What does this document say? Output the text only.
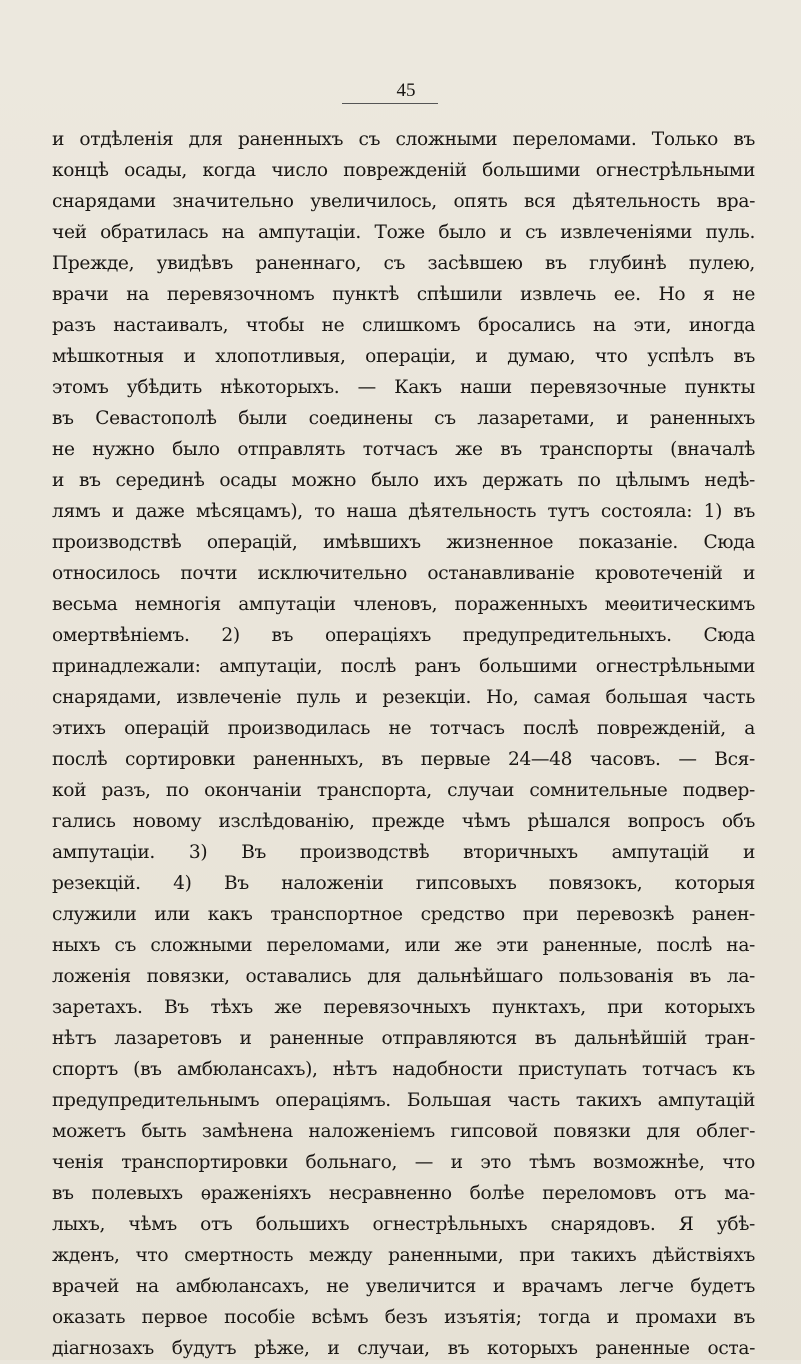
45
и отдѣленія для раненныхъ съ сложными переломами. Только въ
концѣ осады, когда число поврежденій большими огнестрѣльными
снарядами значительно увеличилось, опять вся дѣятельность вра-
чей обратилась на ампутаціи. Тоже было и съ извлеченіями пуль.
Прежде, увидѣвъ раненнаго, съ засѣвшею въ глубинѣ пулею,
врачи на перевязочномъ пунктѣ спѣшили извлечь ее. Но я не
разъ настаивалъ, чтобы не слишкомъ бросались на эти, иногда
мѣшкотныя и хлопотливыя, операціи, и думаю, что успѣлъ въ
этомъ убѣдить нѣкоторыхъ. — Какъ наши перевязочные пункты
въ Севастополѣ были соединены съ лазаретами, и раненныхъ
не нужно было отправлять тотчасъ же въ транспорты (вначалѣ
и въ серединѣ осады можно было ихъ держать по цѣлымъ недѣ-
лямъ и даже мѣсяцамъ), то наша дѣятельность тутъ состояла: 1) въ
производствѣ операцій, имѣвшихъ жизненное показаніе. Сюда
относилось почти исключительно останавливаніе кровотеченій и
весьма немногія ампутаціи членовъ, пораженныхъ меѳитическимъ
омертвѣніемъ. 2) въ операціяхъ предупредительныхъ. Сюда
принадлежали: ампутаціи, послѣ ранъ большими огнестрѣльными
снарядами, извлеченіе пуль и резекціи. Но, самая большая часть
этихъ операцій производилась не тотчасъ послѣ поврежденій, а
послѣ сортировки раненныхъ, въ первые 24—48 часовъ. — Вся-
кой разъ, по окончаніи транспорта, случаи сомнительные подвер-
гались новому изслѣдованію, прежде чѣмъ рѣшался вопросъ объ
ампутаціи. 3) Въ производствѣ вторичныхъ ампутацій и
резекцій. 4) Въ наложеніи гипсовыхъ повязокъ, которыя
служили или какъ транспортное средство при перевозкѣ ранен-
ныхъ съ сложными переломами, или же эти раненные, послѣ на-
ложенія повязки, оставались для дальнѣйшаго пользованія въ ла-
заретахъ. Въ тѣхъ же перевязочныхъ пунктахъ, при которыхъ
нѣтъ лазаретовъ и раненные отправляются въ дальнѣйшій тран-
спортъ (въ амбюлансахъ), нѣтъ надобности приступать тотчасъ къ
предупредительнымъ операціямъ. Большая часть такихъ ампутацій
можетъ быть замѣнена наложеніемъ гипсовой повязки для облег-
ченія транспортировки больнаго, — и это тѣмъ возможнѣе, что
въ полевыхъ ѳраженіяхъ несравненно болѣе переломовъ отъ ма-
лыхъ, чѣмъ отъ большихъ огнестрѣльныхъ снарядовъ. Я убѣ-
жденъ, что смертность между раненными, при такихъ дѣйствіяхъ
врачей на амбюлансахъ, не увеличится и врачамъ легче будетъ
оказать первое пособіе всѣмъ безъ изъятія; тогда и промахи въ
діагнозахъ будутъ рѣже, и случаи, въ которыхъ раненные оста-
